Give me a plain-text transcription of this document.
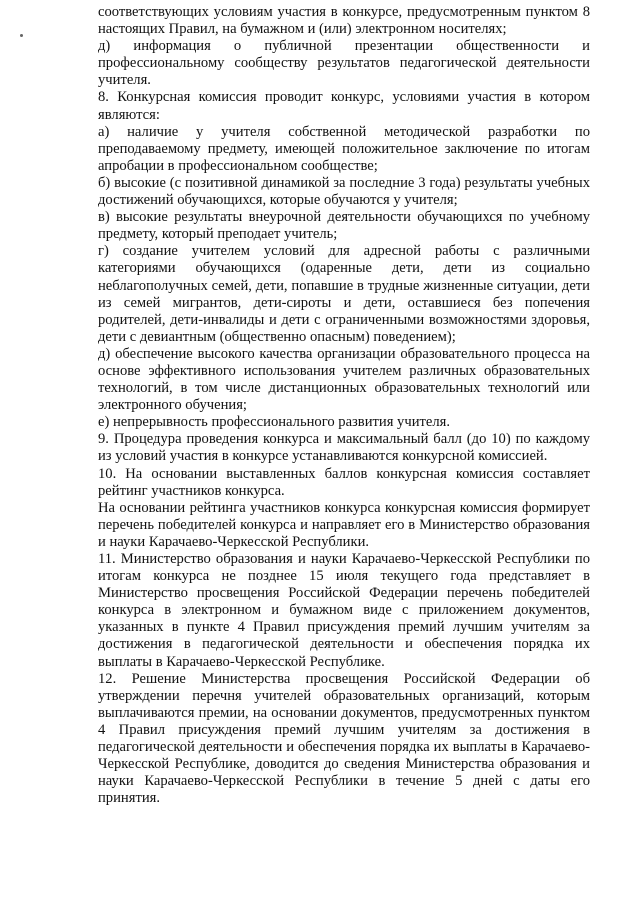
соответствующих условиям участия в конкурсе, предусмотренным пунктом 8 настоящих Правил, на бумажном и (или) электронном носителях;

д) информация о публичной презентации общественности и профессиональному сообществу результатов педагогической деятельности учителя.

8. Конкурсная комиссия проводит конкурс, условиями участия в котором являются:

а) наличие у учителя собственной методической разработки по преподаваемому предмету, имеющей положительное заключение по итогам апробации в профессиональном сообществе;

б) высокие (с позитивной динамикой за последние 3 года) результаты учебных достижений обучающихся, которые обучаются у учителя;

в) высокие результаты внеурочной деятельности обучающихся по учебному предмету, который преподает учитель;

г) создание учителем условий для адресной работы с различными категориями обучающихся (одаренные дети, дети из социально неблагополучных семей, дети, попавшие в трудные жизненные ситуации, дети из семей мигрантов, дети-сироты и дети, оставшиеся без попечения родителей, дети-инвалиды и дети с ограниченными возможностями здоровья, дети с девиантным (общественно опасным) поведением);

д) обеспечение высокого качества организации образовательного процесса на основе эффективного использования учителем различных образовательных технологий, в том числе дистанционных образовательных технологий или электронного обучения;

е) непрерывность профессионального развития учителя.

9. Процедура проведения конкурса и максимальный балл (до 10) по каждому из условий участия в конкурсе устанавливаются конкурсной комиссией.

10. На основании выставленных баллов конкурсная комиссия составляет рейтинг участников конкурса.

На основании рейтинга участников конкурса конкурсная комиссия формирует перечень победителей конкурса и направляет его в Министерство образования и науки Карачаево-Черкесской Республики.

11. Министерство образования и науки Карачаево-Черкесской Республики по итогам конкурса не позднее 15 июля текущего года представляет в Министерство просвещения Российской Федерации перечень победителей конкурса в электронном и бумажном виде с приложением документов, указанных в пункте 4 Правил присуждения премий лучшим учителям за достижения в педагогической деятельности и обеспечения порядка их выплаты в Карачаево-Черкесской Республике.

12. Решение Министерства просвещения Российской Федерации об утверждении перечня учителей образовательных организаций, которым выплачиваются премии, на основании документов, предусмотренных пунктом 4 Правил присуждения премий лучшим учителям за достижения в педагогической деятельности и обеспечения порядка их выплаты в Карачаево-Черкесской Республике, доводится до сведения Министерства образования и науки Карачаево-Черкесской Республики в течение 5 дней с даты его принятия.
